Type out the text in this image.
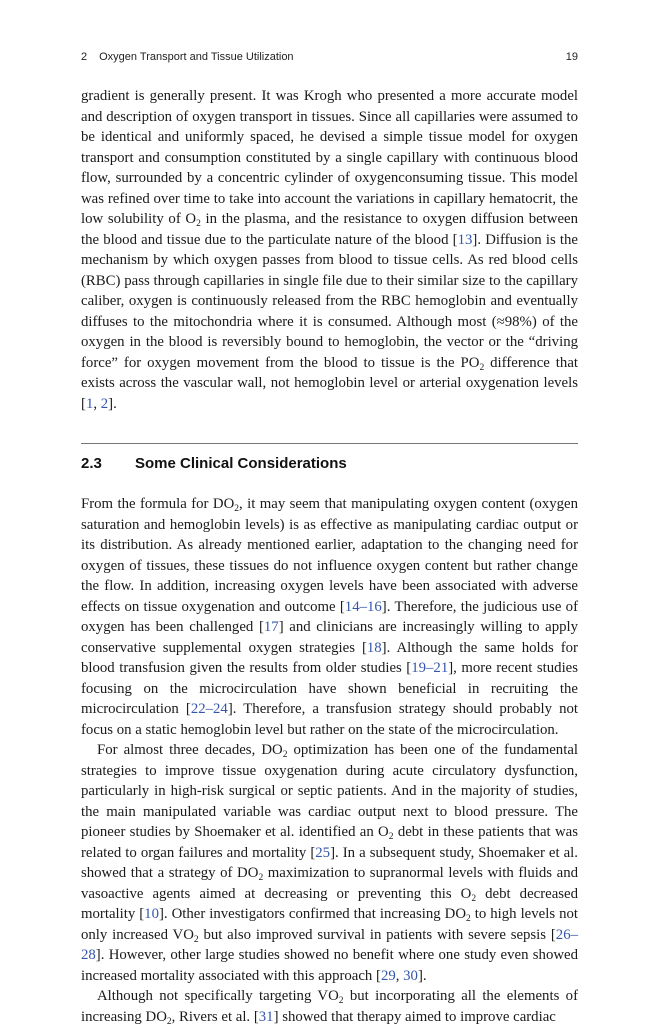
2 Oxygen Transport and Tissue Utilization	19

gradient is generally present. It was Krogh who presented a more accurate model and description of oxygen transport in tissues. Since all capillaries were assumed to be identical and uniformly spaced, he devised a simple tissue model for oxygen transport and consumption constituted by a single capillary with continuous blood flow, surrounded by a concentric cylinder of oxygenconsuming tissue. This model was refined over time to take into account the variations in capillary hematocrit, the low solubility of $O_2$ in the plasma, and the resistance to oxygen diffusion between the blood and tissue due to the particulate nature of the blood [13]. Diffusion is the mechanism by which oxygen passes from blood to tissue cells. As red blood cells (RBC) pass through capillaries in single file due to their similar size to the capillary caliber, oxygen is continuously released from the RBC hemoglobin and eventually diffuses to the mitochondria where it is consumed. Although most (≈98%) of the oxygen in the blood is reversibly bound to hemoglobin, the vector or the “driving force” for oxygen movement from the blood to tissue is the $PO_2$ difference that exists across the vascular wall, not hemoglobin level or arterial oxygenation levels [1, 2].

2.3 Some Clinical Considerations

From the formula for $DO_2$, it may seem that manipulating oxygen content (oxygen saturation and hemoglobin levels) is as effective as manipulating cardiac output or its distribution. As already mentioned earlier, adaptation to the changing need for oxygen of tissues, these tissues do not influence oxygen content but rather change the flow. In addition, increasing oxygen levels have been associated with adverse effects on tissue oxygenation and outcome [14–16]. Therefore, the judicious use of oxygen has been challenged [17] and clinicians are increasingly willing to apply conservative supplemental oxygen strategies [18]. Although the same holds for blood transfusion given the results from older studies [19–21], more recent studies focusing on the microcirculation have shown beneficial in recruiting the microcirculation [22–24]. Therefore, a transfusion strategy should probably not focus on a static hemoglobin level but rather on the state of the microcirculation.

For almost three decades, $DO_2$ optimization has been one of the fundamental strategies to improve tissue oxygenation during acute circulatory dysfunction, particularly in high-risk surgical or septic patients. And in the majority of studies, the main manipulated variable was cardiac output next to blood pressure. The pioneer studies by Shoemaker et al. identified an $O_2$ debt in these patients that was related to organ failures and mortality [25]. In a subsequent study, Shoemaker et al. showed that a strategy of $DO_2$ maximization to supranormal levels with fluids and vasoactive agents aimed at decreasing or preventing this $O_2$ debt decreased mortality [10]. Other investigators confirmed that increasing $DO_2$ to high levels not only increased $VO_2$ but also improved survival in patients with severe sepsis [26–28]. However, other large studies showed no benefit where one study even showed increased mortality associated with this approach [29, 30].

Although not specifically targeting $VO_2$ but incorporating all the elements of increasing $DO_2$, Rivers et al. [31] showed that therapy aimed to improve cardiac
